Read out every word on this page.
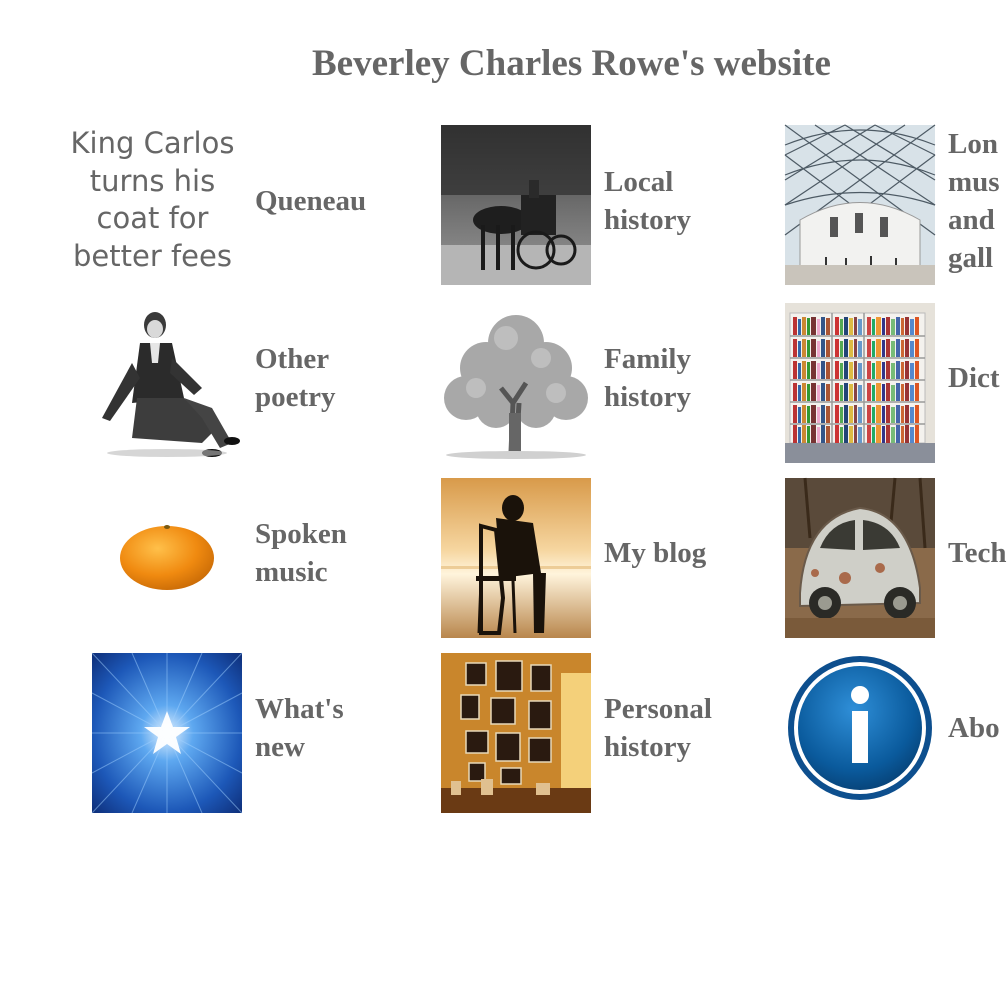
Beverley Charles Rowe's website
King Carlos
turns his
coat for
better fees
Queneau
Local
history
Lon
mus
and
gall
Other
poetry
Family
history
Dict
Spoken
music
My blog	Tech
What's
new
Personal
history
Abo
